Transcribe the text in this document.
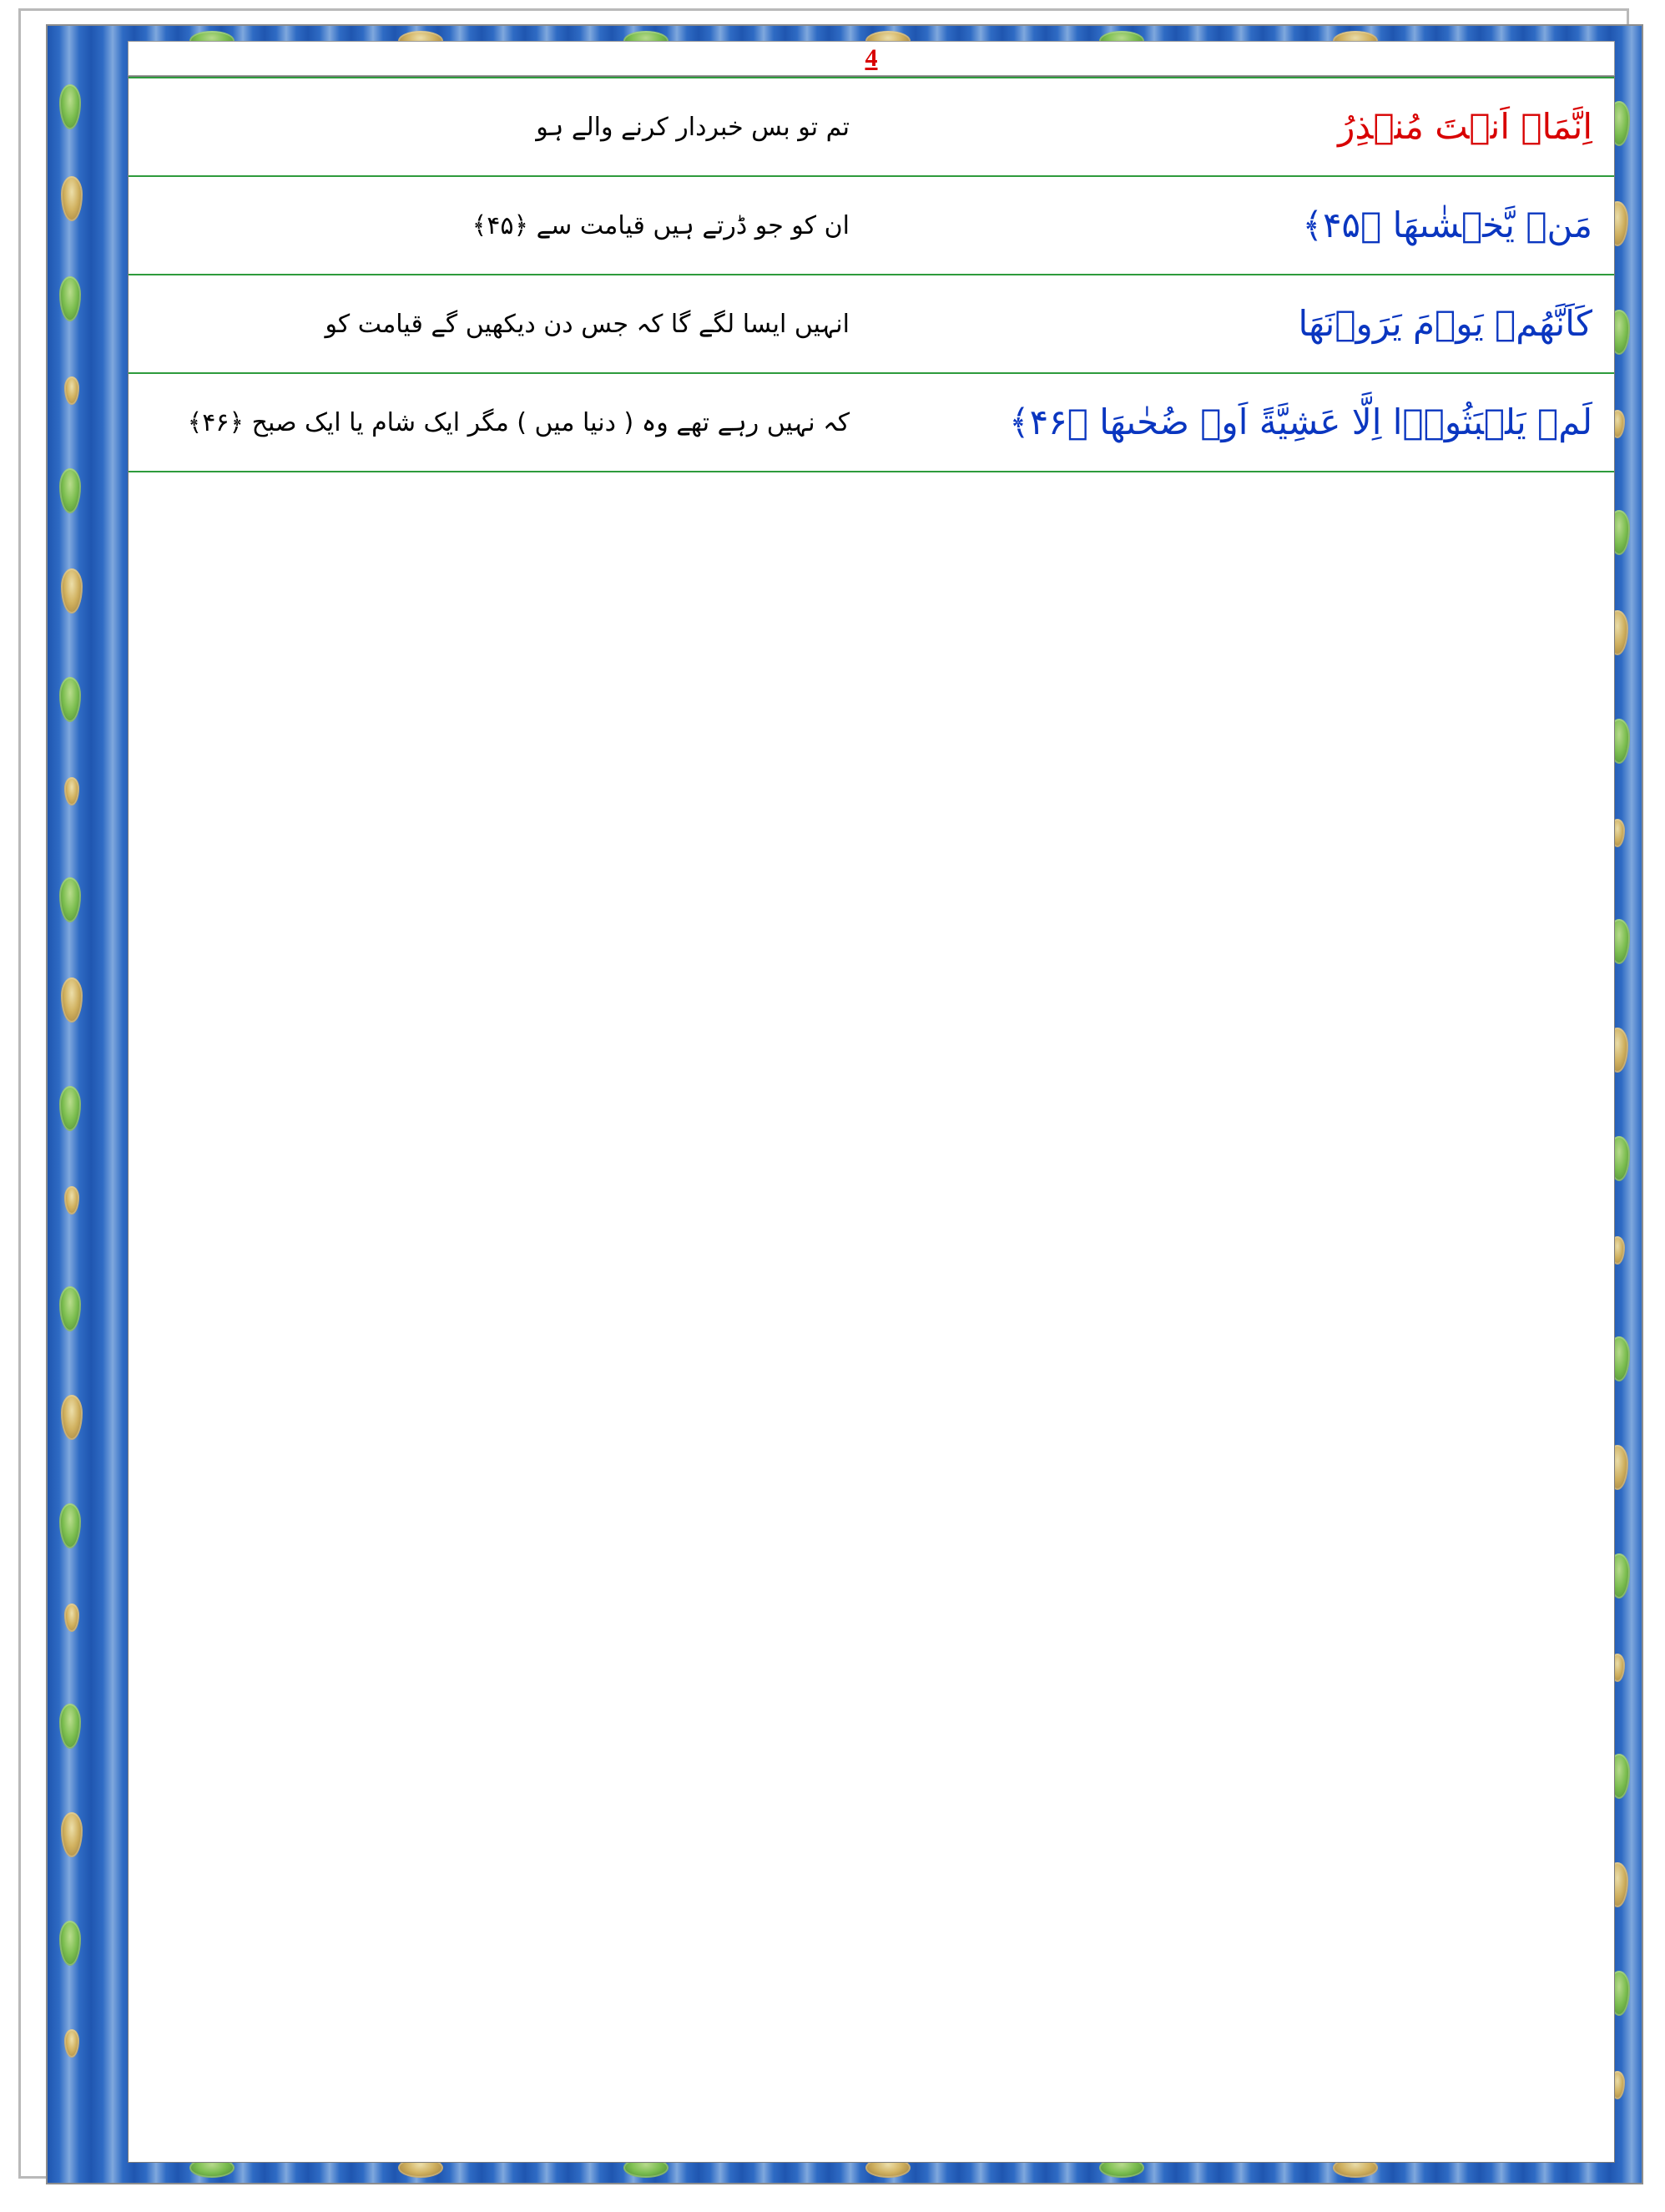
4
تم تو بس خبردار کرنے والے ہو	اِنَّمَاۤ اَنۡتَ مُنۡذِرُ
ان کو جو ڈرتے ہیں قیامت سے ﴿۴۵﴾	مَنۡ یَّخۡشٰىهَا ﴿۴۵﴾
انہیں ایسا لگے گا کہ جس دن دیکھیں گے قیامت کو	كَاَنَّهُمۡ یَوۡمَ یَرَوۡنَهَا
کہ نہیں رہے تھے وہ ( دنیا میں ) مگر ایک شام یا ایک صبح ﴿۴۶﴾	لَمۡ یَلۡبَثُوۡۤا اِلَّا عَشِیَّةً اَوۡ ضُحٰىهَا ﴿۴۶﴾
